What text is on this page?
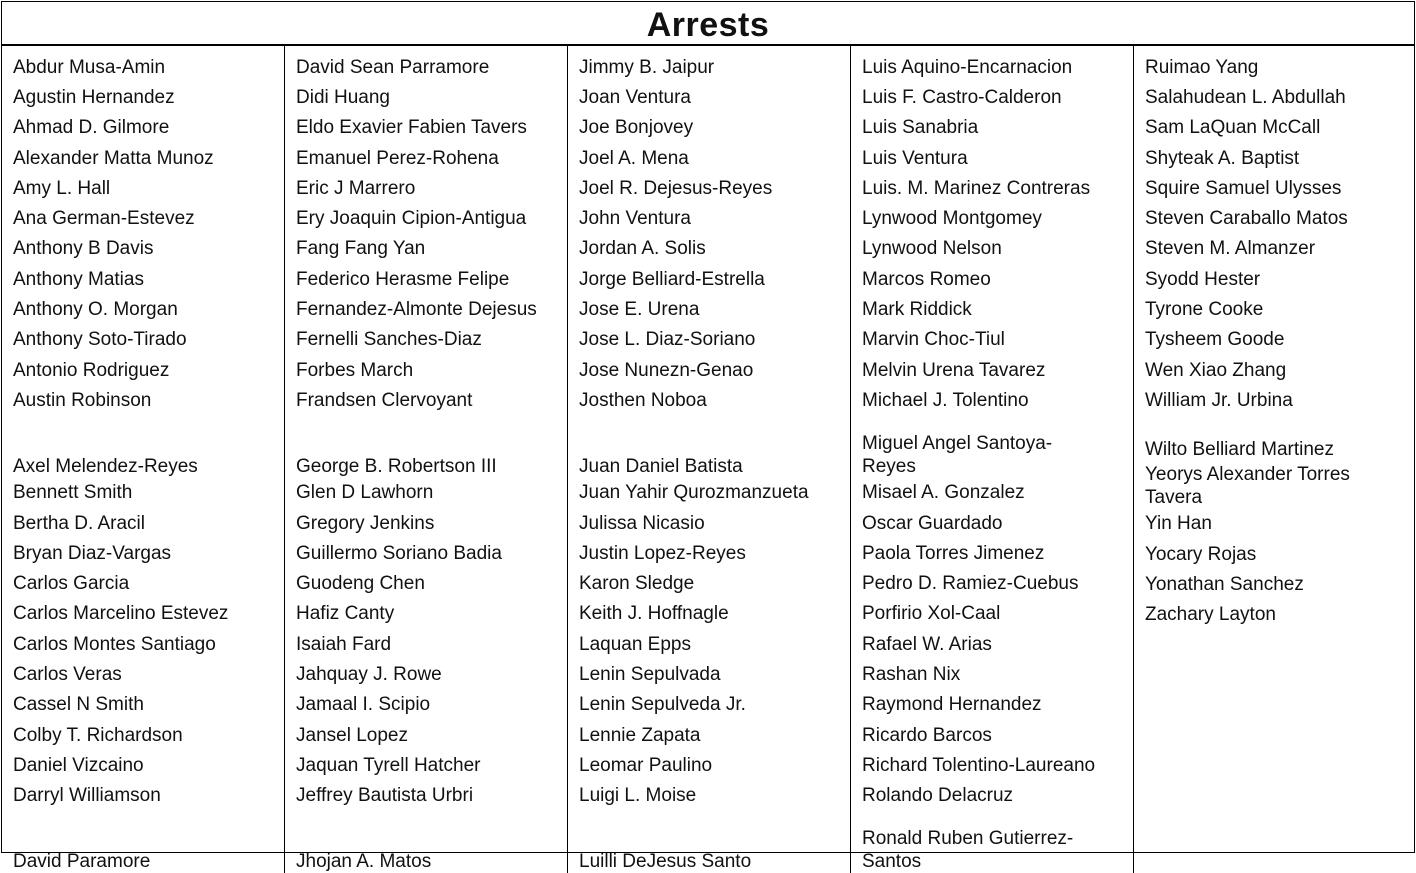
Arrests
Abdur Musa-Amin
Agustin Hernandez
Ahmad D. Gilmore
Alexander Matta Munoz
Amy L. Hall
Ana German-Estevez
Anthony B Davis
Anthony Matias
Anthony O. Morgan
Anthony Soto-Tirado
Antonio Rodriguez
Austin Robinson
Axel Melendez-Reyes
Bennett Smith
Bertha D. Aracil
Bryan Diaz-Vargas
Carlos Garcia
Carlos Marcelino Estevez
Carlos Montes Santiago
Carlos Veras
Cassel N Smith
Colby T. Richardson
Daniel Vizcaino
Darryl Williamson
David Paramore
David Sean Parramore
Didi Huang
Eldo Exavier Fabien Tavers
Emanuel Perez-Rohena
Eric J Marrero
Ery Joaquin Cipion-Antigua
Fang Fang Yan
Federico Herasme Felipe
Fernandez-Almonte Dejesus
Fernelli Sanches-Diaz
Forbes March
Frandsen Clervoyant
George B. Robertson III
Glen D Lawhorn
Gregory Jenkins
Guillermo Soriano Badia
Guodeng Chen
Hafiz Canty
Isaiah Fard
Jahquay J. Rowe
Jamaal I. Scipio
Jansel Lopez
Jaquan Tyrell Hatcher
Jeffrey Bautista Urbri
Jhojan A. Matos
Jimmy B. Jaipur
Joan Ventura
Joe Bonjovey
Joel A. Mena
Joel R. Dejesus-Reyes
John Ventura
Jordan A. Solis
Jorge Belliard-Estrella
Jose E. Urena
Jose L. Diaz-Soriano
Jose Nunezn-Genao
Josthen Noboa
Juan Daniel Batista
Juan Yahir Qurozmanzueta
Julissa Nicasio
Justin Lopez-Reyes
Karon Sledge
Keith J. Hoffnagle
Laquan Epps
Lenin Sepulvada
Lenin Sepulveda Jr.
Lennie Zapata
Leomar Paulino
Luigi L. Moise
Luilli DeJesus Santo
Luis Aquino-Encarnacion
Luis F. Castro-Calderon
Luis Sanabria
Luis Ventura
Luis. M. Marinez Contreras
Lynwood Montgomey
Lynwood Nelson
Marcos Romeo
Mark Riddick
Marvin Choc-Tiul
Melvin Urena Tavarez
Michael J. Tolentino
Miguel Angel Santoya-Reyes
Misael A. Gonzalez
Oscar Guardado
Paola Torres Jimenez
Pedro D. Ramiez-Cuebus
Porfirio Xol-Caal
Rafael W. Arias
Rashan Nix
Raymond Hernandez
Ricardo Barcos
Richard Tolentino-Laureano
Rolando Delacruz
Ronald Ruben Gutierrez-Santos
Ruimao Yang
Salahudean L. Abdullah
Sam LaQuan McCall
Shyteak A. Baptist
Squire Samuel Ulysses
Steven Caraballo Matos
Steven M. Almanzer
Syodd Hester
Tyrone Cooke
Tysheem Goode
Wen Xiao Zhang
William Jr. Urbina
Wilto Belliard Martinez
Yeorys Alexander Torres Tavera
Yin Han
Yocary Rojas
Yonathan Sanchez
Zachary Layton
